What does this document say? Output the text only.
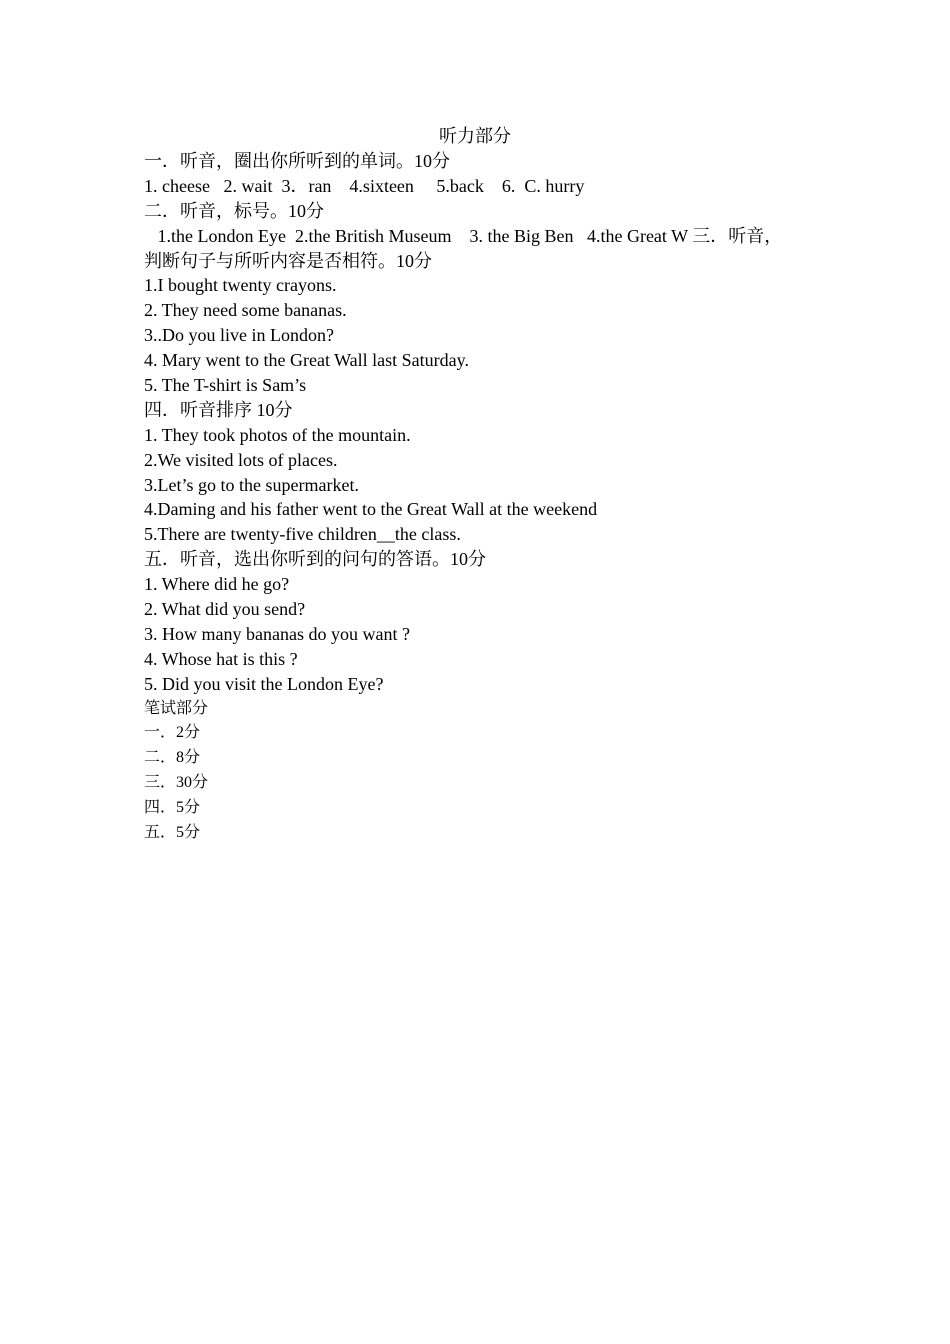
听力部分
一．听音，圈出你所听到的单词。10分
1. cheese   2. wait  3．ran    4.sixteen     5.back    6.  C. hurry
二．听音，标号。10分
1.the London Eye  2.the British Museum    3. the Big Ben   4.the Great W 三．听音，
判断句子与所听内容是否相符。10分
1.I bought twenty crayons.
2. They need some bananas.
3..Do you live in London?
4. Mary went to the Great Wall last Saturday.
5. The T-shirt is Sam’s
四．听音排序 10分
1. They took photos of the mountain.
2.We visited lots of places.
3.Let’s go to the supermarket.
4.Daming and his father went to the Great Wall at the weekend
5.There are twenty-five children__the class.
五．听音，选出你听到的问句的答语。10分
1. Where did he go?
2. What did you send?
3. How many bananas do you want ?
4. Whose hat is this ?
5. Did you visit the London Eye?
笔试部分
一．2分
二．8分
三．30分
四．5分
五．5分
